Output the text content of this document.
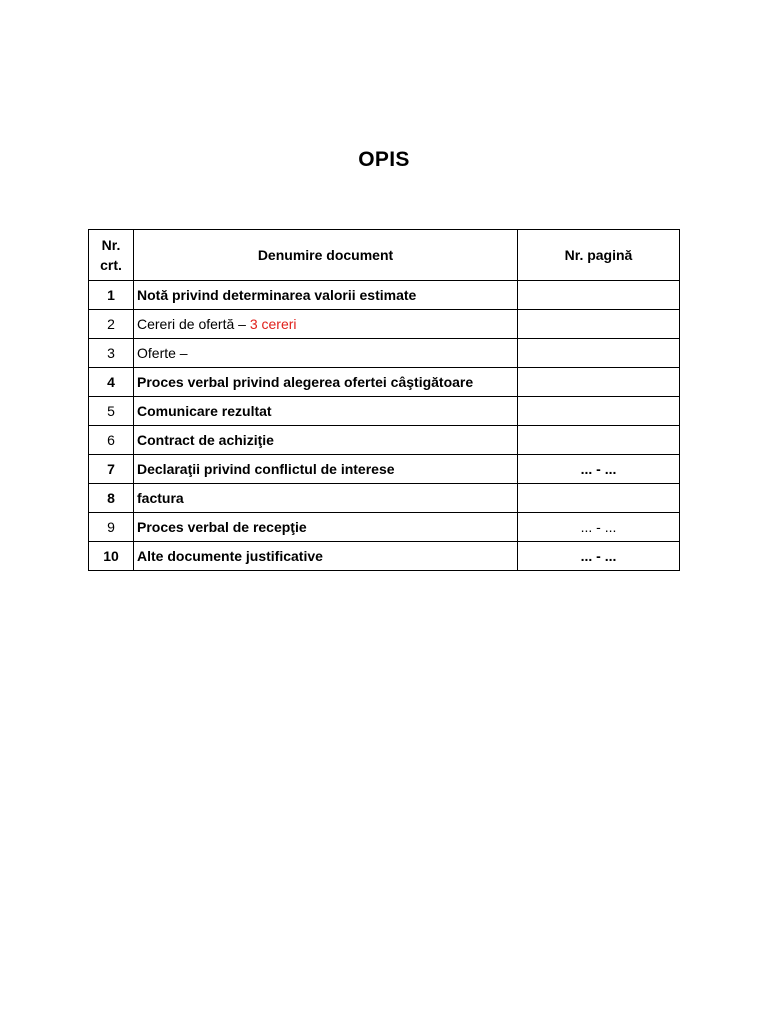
OPIS
Nr.
crt.	Denumire document	Nr. pagină
1	Notă privind determinarea valorii estimate	
2	Cereri de ofertă – 3 cereri	
3	Oferte –	
4	Proces verbal privind alegerea ofertei câştigătoare	
5	Comunicare rezultat	
6	Contract de achiziţie	
7	Declaraţii privind conflictul de interese	... - ...
8	factura	
9	Proces verbal de recepţie	... - ...
10	Alte documente justificative	... - ...
